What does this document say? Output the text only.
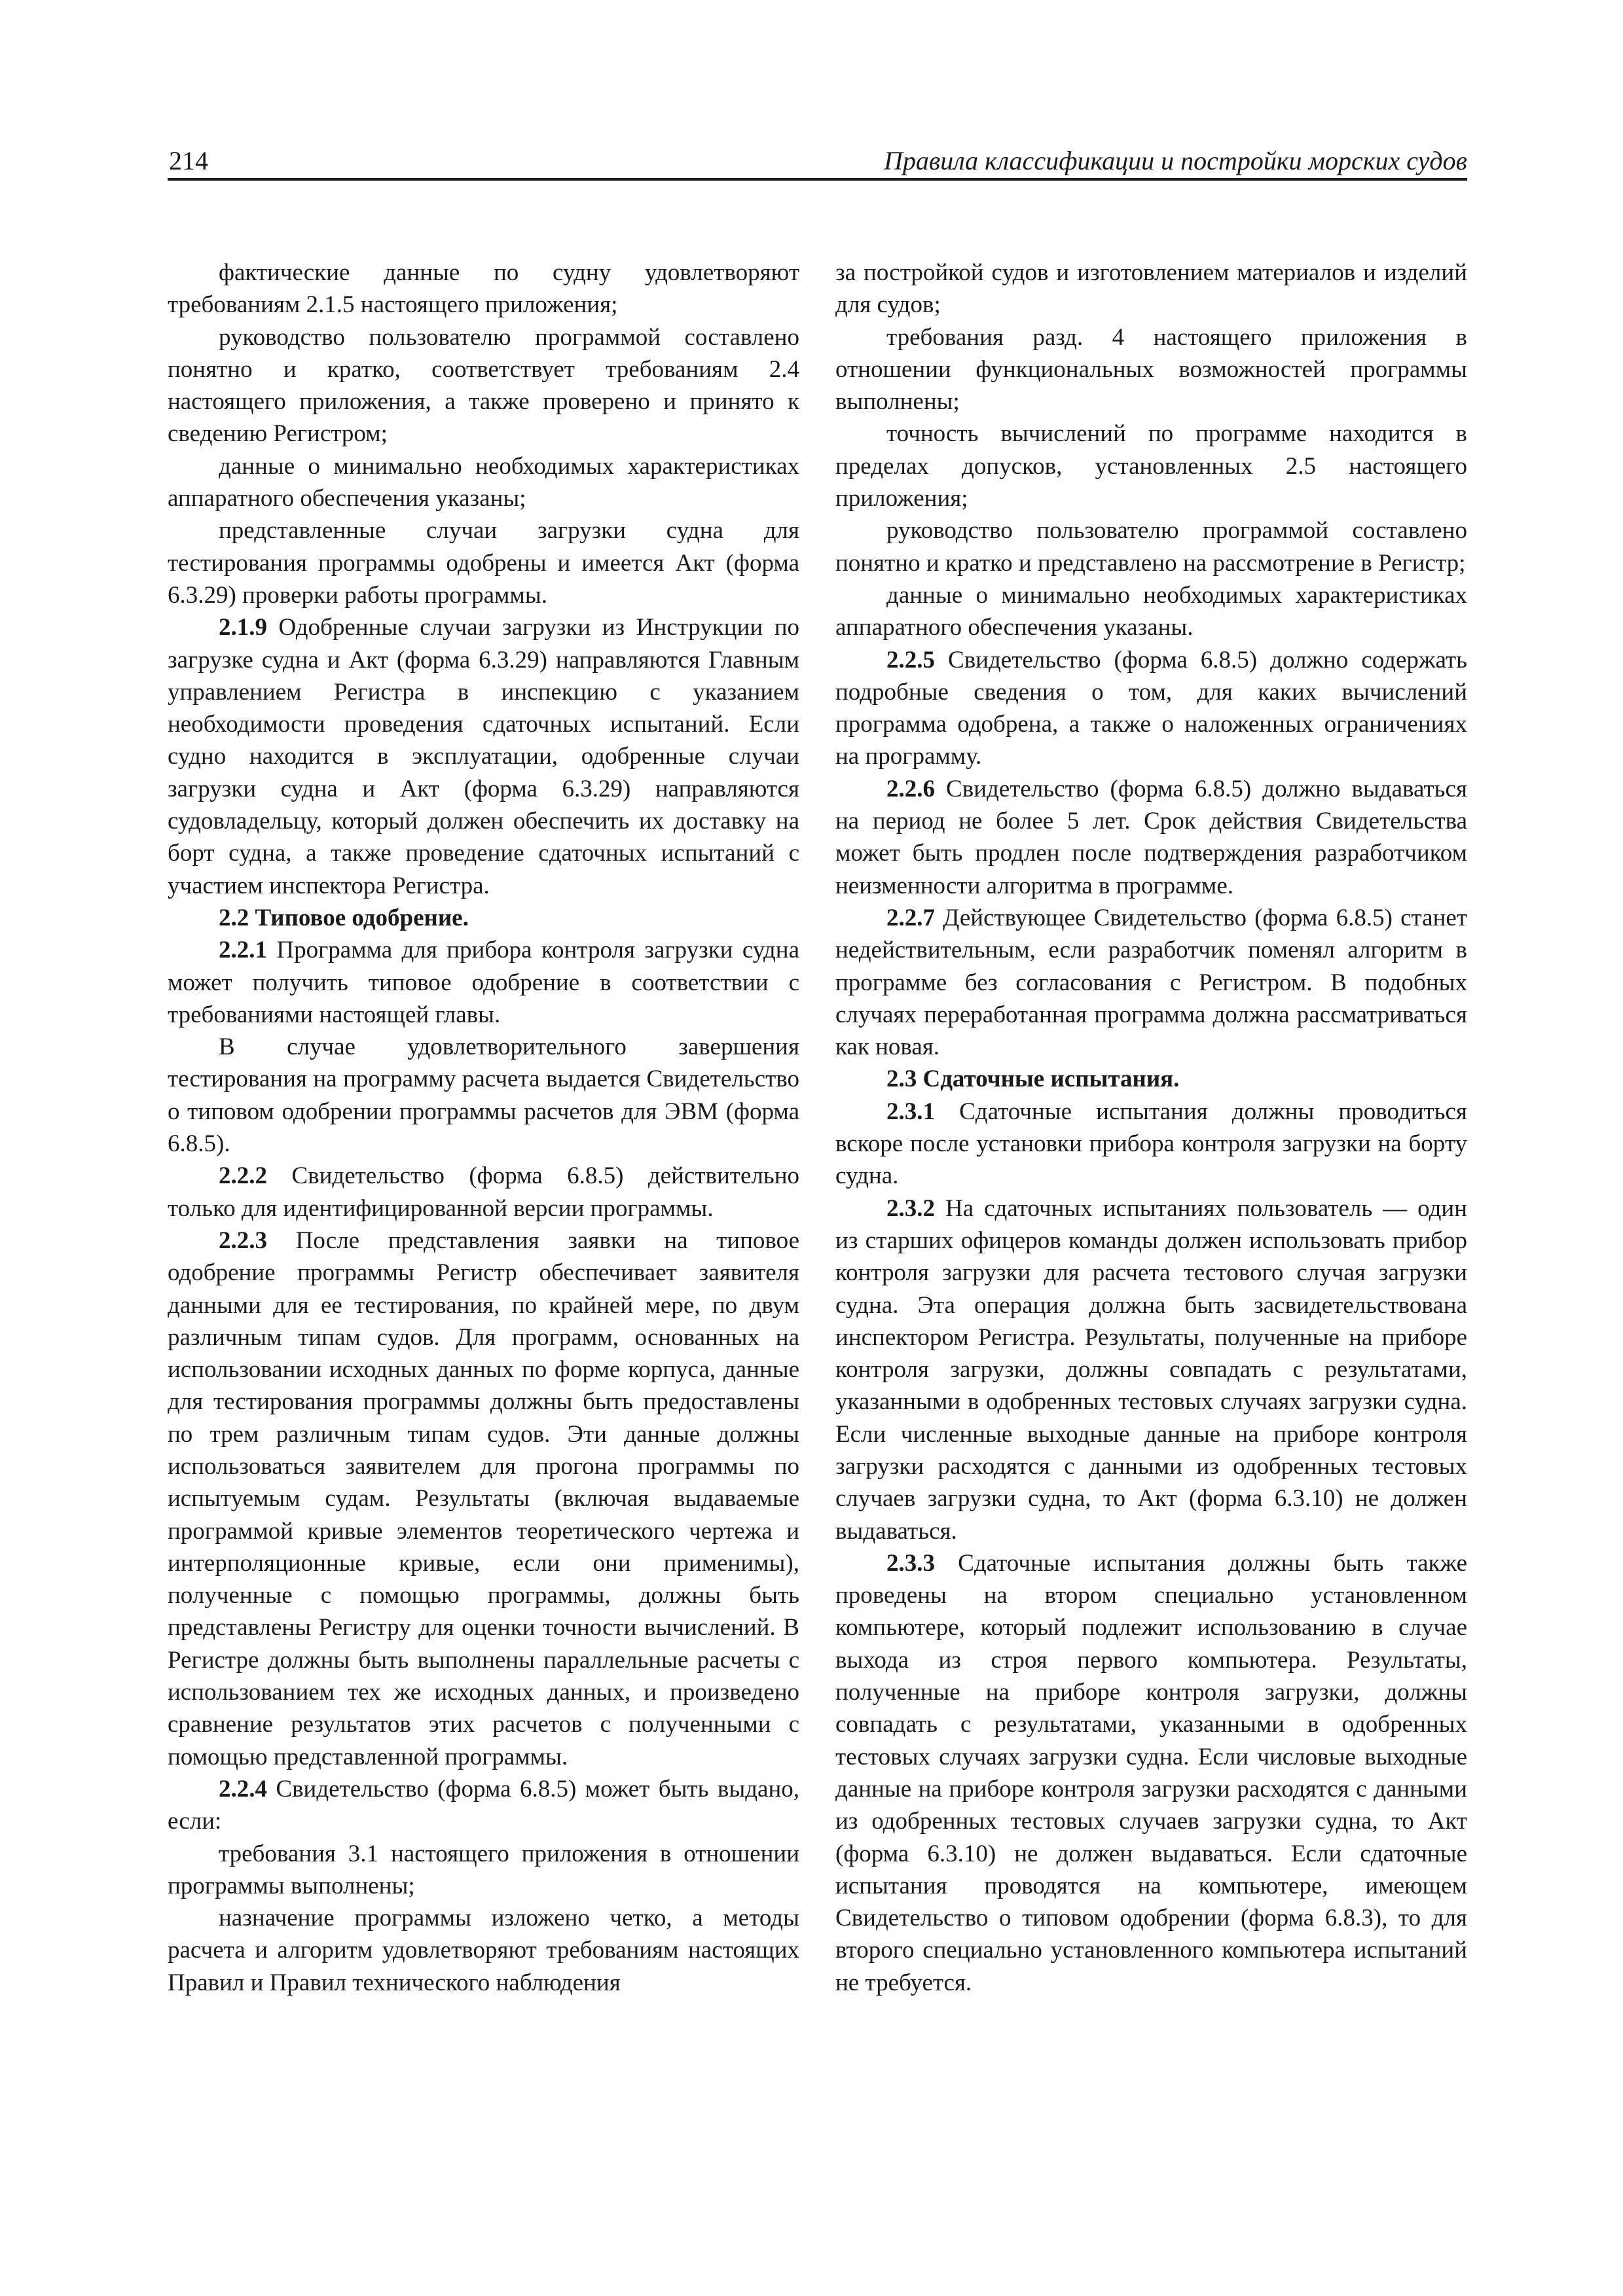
214	Правила классификации и постройки морских судов

фактические данные по судну удовлетворяют требованиям 2.1.5 настоящего приложения;

руководство пользователю программой составлено понятно и кратко, соответствует требованиям 2.4 настоящего приложения, а также проверено и принято к сведению Регистром;

данные о минимально необходимых характеристиках аппаратного обеспечения указаны;

представленные случаи загрузки судна для тестирования программы одобрены и имеется Акт (форма 6.3.29) проверки работы программы.

2.1.9 Одобренные случаи загрузки из Инструкции по загрузке судна и Акт (форма 6.3.29) направляются Главным управлением Регистра в инспекцию с указанием необходимости проведения сдаточных испытаний. Если судно находится в эксплуатации, одобренные случаи загрузки судна и Акт (форма 6.3.29) направляются судовладельцу, который должен обеспечить их доставку на борт судна, а также проведение сдаточных испытаний с участием инспектора Регистра.

2.2 Типовое одобрение.

2.2.1 Программа для прибора контроля загрузки судна может получить типовое одобрение в соответствии с требованиями настоящей главы.

В случае удовлетворительного завершения тестирования на программу расчета выдается Свидетельство о типовом одобрении программы расчетов для ЭВМ (форма 6.8.5).

2.2.2 Свидетельство (форма 6.8.5) действительно только для идентифицированной версии программы.

2.2.3 После представления заявки на типовое одобрение программы Регистр обеспечивает заявителя данными для ее тестирования, по крайней мере, по двум различным типам судов. Для программ, основанных на использовании исходных данных по форме корпуса, данные для тестирования программы должны быть предоставлены по трем различным типам судов. Эти данные должны использоваться заявителем для прогона программы по испытуемым судам. Результаты (включая выдаваемые программой кривые элементов теоретического чертежа и интерполяционные кривые, если они применимы), полученные с помощью программы, должны быть представлены Регистру для оценки точности вычислений. В Регистре должны быть выполнены параллельные расчеты с использованием тех же исходных данных, и произведено сравнение результатов этих расчетов с полученными с помощью представленной программы.

2.2.4 Свидетельство (форма 6.8.5) может быть выдано, если:

требования 3.1 настоящего приложения в отношении программы выполнены;

назначение программы изложено четко, а методы расчета и алгоритм удовлетворяют требованиям настоящих Правил и Правил технического наблюдения

за постройкой судов и изготовлением материалов и изделий для судов;

требования разд. 4 настоящего приложения в отношении функциональных возможностей программы выполнены;

точность вычислений по программе находится в пределах допусков, установленных 2.5 настоящего приложения;

руководство пользователю программой составлено понятно и кратко и представлено на рассмотрение в Регистр;

данные о минимально необходимых характеристиках аппаратного обеспечения указаны.

2.2.5 Свидетельство (форма 6.8.5) должно содержать подробные сведения о том, для каких вычислений программа одобрена, а также о наложенных ограничениях на программу.

2.2.6 Свидетельство (форма 6.8.5) должно выдаваться на период не более 5 лет. Срок действия Свидетельства может быть продлен после подтверждения разработчиком неизменности алгоритма в программе.

2.2.7 Действующее Свидетельство (форма 6.8.5) станет недействительным, если разработчик поменял алгоритм в программе без согласования с Регистром. В подобных случаях переработанная программа должна рассматриваться как новая.

2.3 Сдаточные испытания.

2.3.1 Сдаточные испытания должны проводиться вскоре после установки прибора контроля загрузки на борту судна.

2.3.2 На сдаточных испытаниях пользователь — один из старших офицеров команды должен использовать прибор контроля загрузки для расчета тестового случая загрузки судна. Эта операция должна быть засвидетельствована инспектором Регистра. Результаты, полученные на приборе контроля загрузки, должны совпадать с результатами, указанными в одобренных тестовых случаях загрузки судна. Если численные выходные данные на приборе контроля загрузки расходятся с данными из одобренных тестовых случаев загрузки судна, то Акт (форма 6.3.10) не должен выдаваться.

2.3.3 Сдаточные испытания должны быть также проведены на втором специально установленном компьютере, который подлежит использованию в случае выхода из строя первого компьютера. Результаты, полученные на приборе контроля загрузки, должны совпадать с результатами, указанными в одобренных тестовых случаях загрузки судна. Если числовые выходные данные на приборе контроля загрузки расходятся с данными из одобренных тестовых случаев загрузки судна, то Акт (форма 6.3.10) не должен выдаваться. Если сдаточные испытания проводятся на компьютере, имеющем Свидетельство о типовом одобрении (форма 6.8.3), то для второго специально установленного компьютера испытаний не требуется.
